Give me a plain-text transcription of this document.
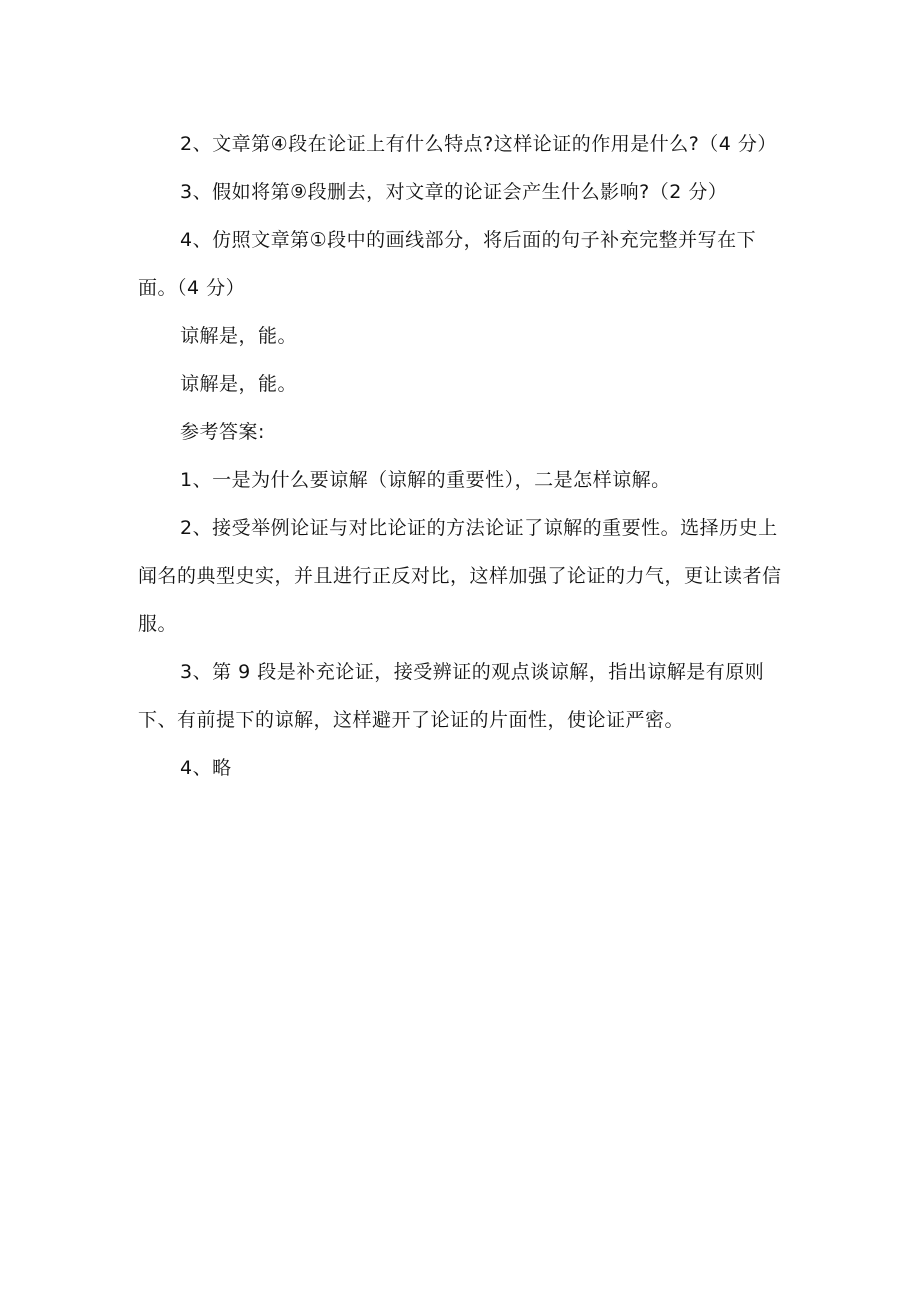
2、文章第④段在论证上有什么特点?这样论证的作用是什么?（4 分）

3、假如将第⑨段删去，对文章的论证会产生什么影响?（2 分）

4、仿照文章第①段中的画线部分，将后面的句子补充完整并写在下面。（4 分）

谅解是，能。

谅解是，能。

参考答案:

1、一是为什么要谅解（谅解的重要性），二是怎样谅解。

2、接受举例论证与对比论证的方法论证了谅解的重要性。选择历史上闻名的典型史实，并且进行正反对比，这样加强了论证的力气，更让读者信服。

3、第 9 段是补充论证，接受辨证的观点谈谅解，指出谅解是有原则下、有前提下的谅解，这样避开了论证的片面性，使论证严密。

4、略
